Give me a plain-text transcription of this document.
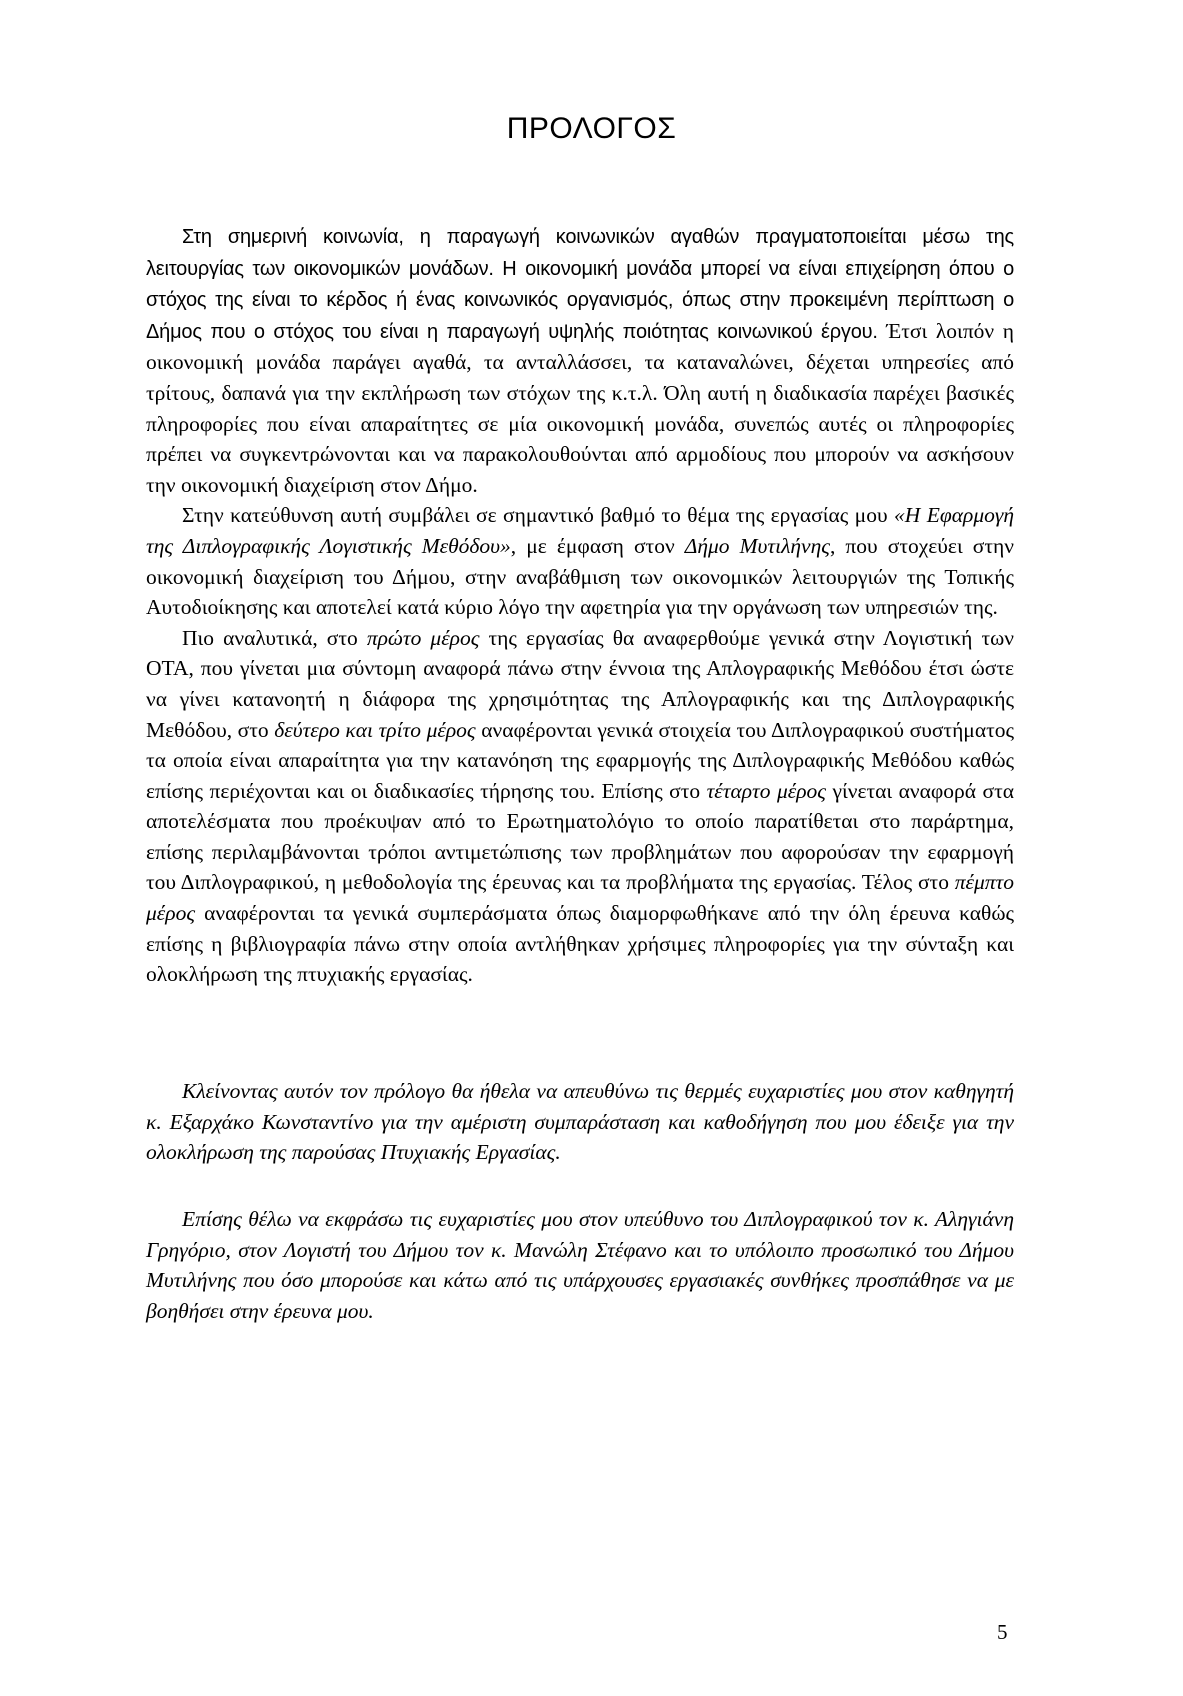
ΠΡΟΛΟΓΟΣ

Στη σημερινή κοινωνία, η παραγωγή κοινωνικών αγαθών πραγματοποιείται μέσω της λειτουργίας των οικονομικών μονάδων. Η οικονομική μονάδα μπορεί να είναι επιχείρηση όπου ο στόχος της είναι το κέρδος ή ένας κοινωνικός οργανισμός, όπως στην προκειμένη περίπτωση ο Δήμος που ο στόχος του είναι η παραγωγή υψηλής ποιότητας κοινωνικού έργου. Έτσι λοιπόν η οικονομική μονάδα παράγει αγαθά, τα ανταλλάσσει, τα καταναλώνει, δέχεται υπηρεσίες από τρίτους, δαπανά για την εκπλήρωση των στόχων της κ.τ.λ. Όλη αυτή η διαδικασία παρέχει βασικές πληροφορίες που είναι απαραίτητες σε μία οικονομική μονάδα, συνεπώς αυτές οι πληροφορίες πρέπει να συγκεντρώνονται και να παρακολουθούνται από αρμοδίους που μπορούν να ασκήσουν την οικονομική διαχείριση στον Δήμο.

Στην κατεύθυνση αυτή συμβάλει σε σημαντικό βαθμό το θέμα της εργασίας μου «Η Εφαρμογή της Διπλογραφικής Λογιστικής Μεθόδου», με έμφαση στον Δήμο Μυτιλήνης, που στοχεύει στην οικονομική διαχείριση του Δήμου, στην αναβάθμιση των οικονομικών λειτουργιών της Τοπικής Αυτοδιοίκησης και αποτελεί κατά κύριο λόγο την αφετηρία για την οργάνωση των υπηρεσιών της.

Πιο αναλυτικά, στο πρώτο μέρος της εργασίας θα αναφερθούμε γενικά στην Λογιστική των ΟΤΑ, που γίνεται μια σύντομη αναφορά πάνω στην έννοια της Απλογραφικής Μεθόδου έτσι ώστε να γίνει κατανοητή η διάφορα της χρησιμότητας της Απλογραφικής και της Διπλογραφικής Μεθόδου, στο δεύτερο και τρίτο μέρος αναφέρονται γενικά στοιχεία του Διπλογραφικού συστήματος τα οποία είναι απαραίτητα για την κατανόηση της εφαρμογής της Διπλογραφικής Μεθόδου καθώς επίσης περιέχονται και οι διαδικασίες τήρησης του. Επίσης στο τέταρτο μέρος γίνεται αναφορά στα αποτελέσματα που προέκυψαν από το Ερωτηματολόγιο το οποίο παρατίθεται στο παράρτημα, επίσης περιλαμβάνονται τρόποι αντιμετώπισης των προβλημάτων που αφορούσαν την εφαρμογή του Διπλογραφικού, η μεθοδολογία της έρευνας και τα προβλήματα της εργασίας. Τέλος στο πέμπτο μέρος αναφέρονται τα γενικά συμπεράσματα όπως διαμορφωθήκανε από την όλη έρευνα καθώς επίσης η βιβλιογραφία πάνω στην οποία αντλήθηκαν χρήσιμες πληροφορίες για την σύνταξη και ολοκλήρωση της πτυχιακής εργασίας.

Κλείνοντας αυτόν τον πρόλογο θα ήθελα να απευθύνω τις θερμές ευχαριστίες μου στον καθηγητή κ. Εξαρχάκο Κωνσταντίνο για την αμέριστη συμπαράσταση και καθοδήγηση που μου έδειξε για την ολοκλήρωση της παρούσας Πτυχιακής Εργασίας.

Επίσης θέλω να εκφράσω τις ευχαριστίες μου στον υπεύθυνο του Διπλογραφικού τον κ. Αληγιάνη Γρηγόριο, στον Λογιστή του Δήμου τον κ. Μανώλη Στέφανο και το υπόλοιπο προσωπικό του Δήμου Μυτιλήνης που όσο μπορούσε και κάτω από τις υπάρχουσες εργασιακές συνθήκες προσπάθησε να με βοηθήσει στην έρευνα μου.

5
